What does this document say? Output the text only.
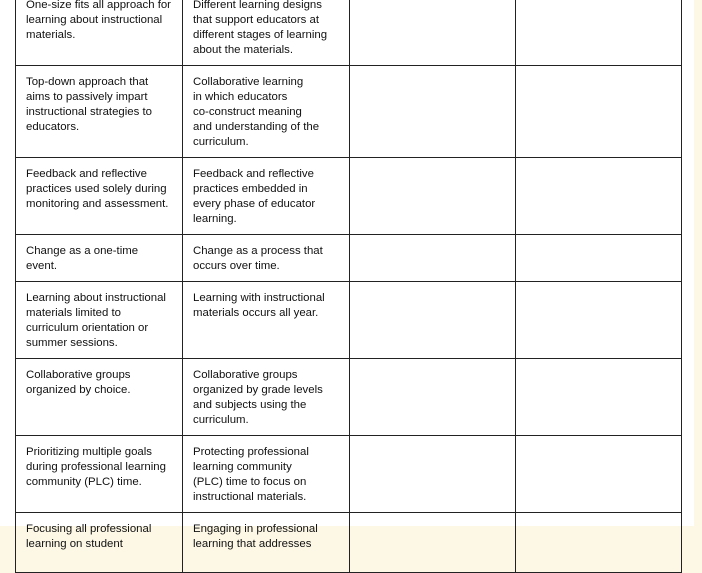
One-size fits all approach for
learning about instructional
materials.	Different learning designs
that support educators at
different stages of learning
about the materials.		

Top-down approach that
aims to passively impart
instructional strategies to
educators.	Collaborative learning
in which educators
co-construct meaning
and understanding of the
curriculum.		

Feedback and reflective
practices used solely during
monitoring and assessment.	Feedback and reflective
practices embedded in
every phase of educator
learning.		

Change as a one-time event.	Change as a process that
occurs over time.		

Learning about instructional
materials limited to
curriculum orientation or
summer sessions.	Learning with instructional
materials occurs all year.		

Collaborative groups
organized by choice.	Collaborative groups
organized by grade levels
and subjects using the
curriculum.		

Prioritizing multiple goals
during professional learning
community (PLC) time.	Protecting professional
learning community
(PLC) time to focus on
instructional materials.		

Focusing all professional
learning on student	Engaging in professional
learning that addresses		
